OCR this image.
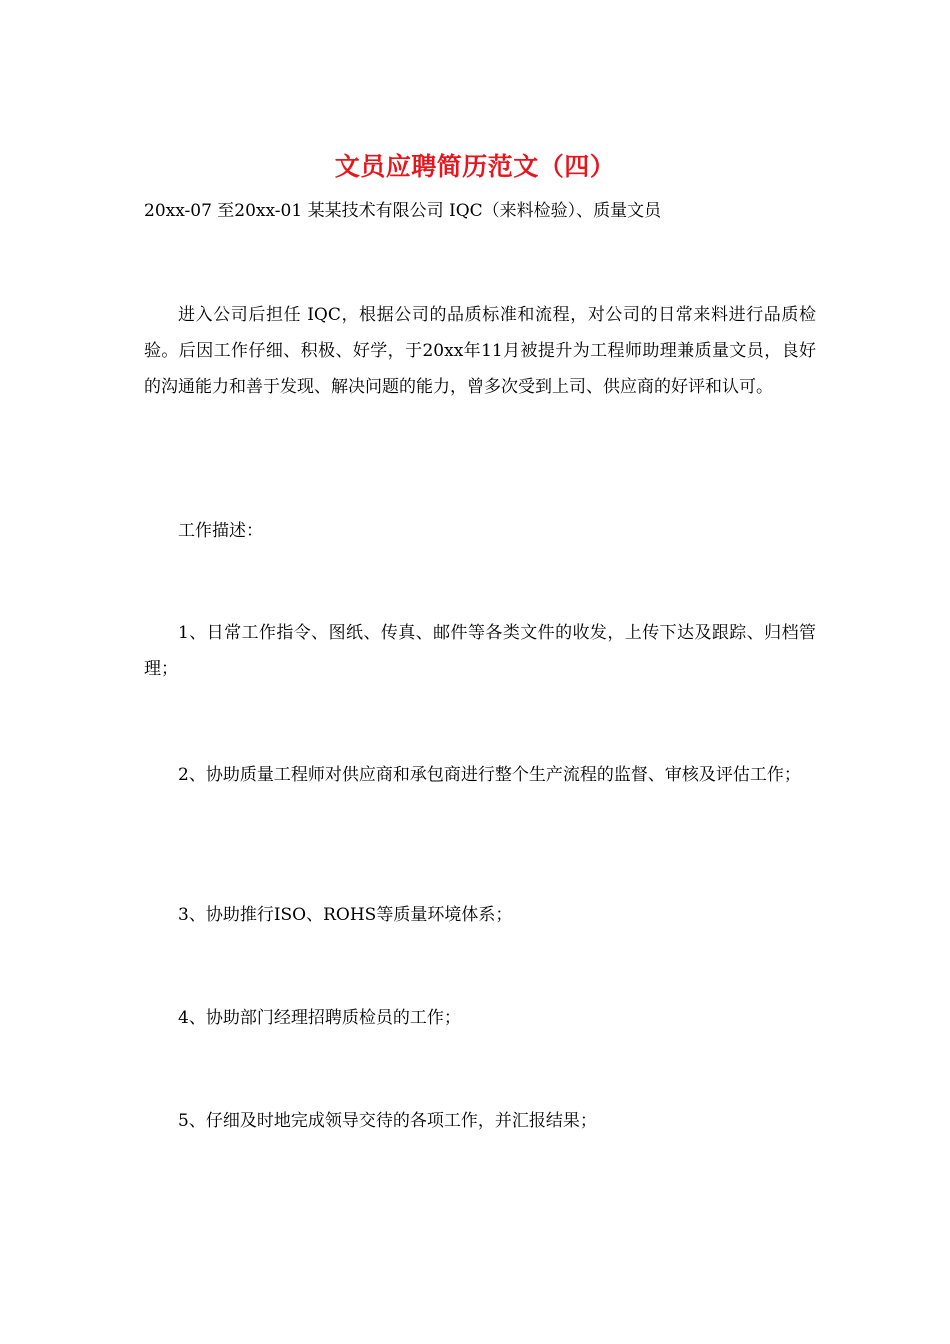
文员应聘简历范文（四）
20xx-07 至20xx-01 某某技术有限公司 IQC（来料检验）、质量文员
进入公司后担任 IQC，根据公司的品质标准和流程，对公司的日常来料进行品质检验。后因工作仔细、积极、好学，于20xx年11月被提升为工程师助理兼质量文员，良好的沟通能力和善于发现、解决问题的能力，曾多次受到上司、供应商的好评和认可。
工作描述：
1、日常工作指令、图纸、传真、邮件等各类文件的收发，上传下达及跟踪、归档管理；
2、协助质量工程师对供应商和承包商进行整个生产流程的监督、审核及评估工作；
3、协助推行ISO、ROHS等质量环境体系；
4、协助部门经理招聘质检员的工作；
5、仔细及时地完成领导交待的各项工作，并汇报结果；
